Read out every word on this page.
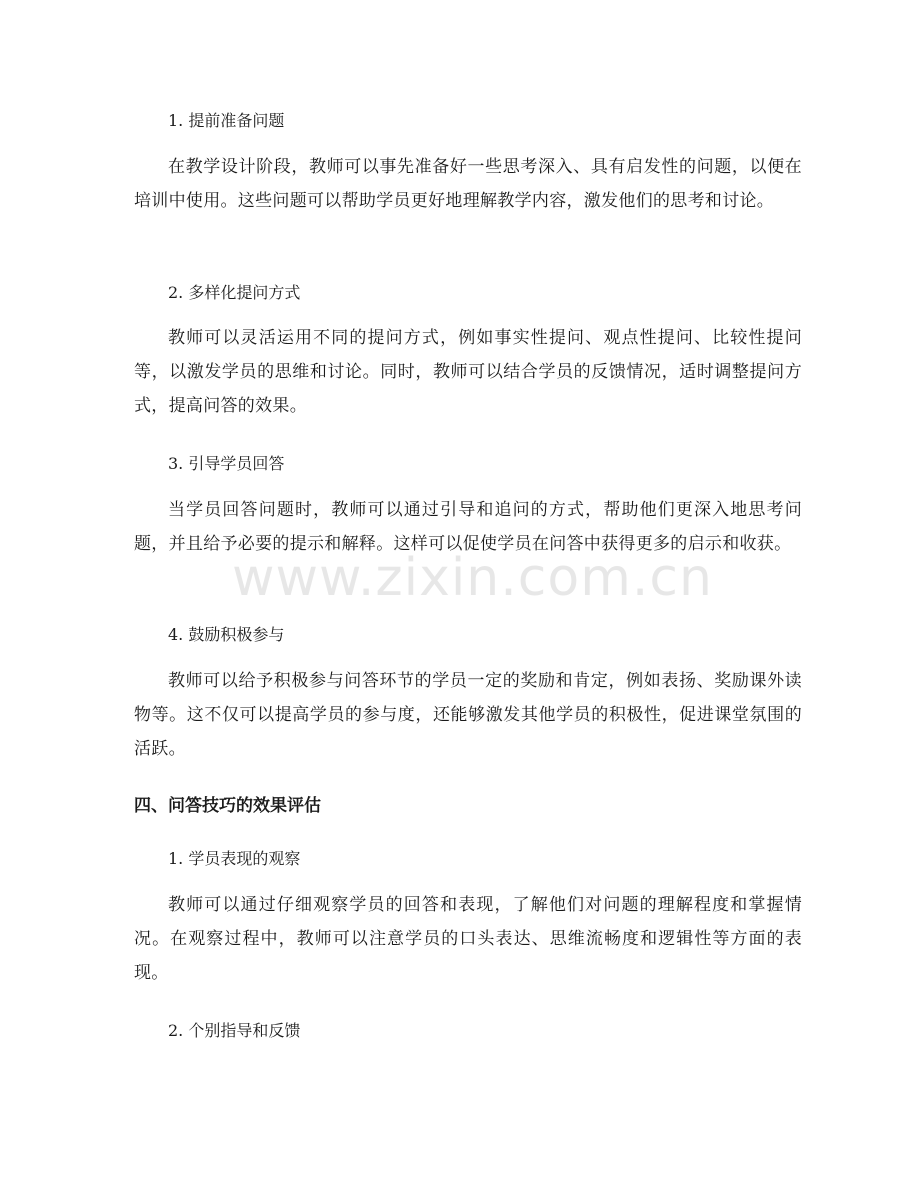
1. 提前准备问题

在教学设计阶段，教师可以事先准备好一些思考深入、具有启发性的问题，以便在培训中使用。这些问题可以帮助学员更好地理解教学内容，激发他们的思考和讨论。

2. 多样化提问方式

教师可以灵活运用不同的提问方式，例如事实性提问、观点性提问、比较性提问等，以激发学员的思维和讨论。同时，教师可以结合学员的反馈情况，适时调整提问方式，提高问答的效果。

3. 引导学员回答

当学员回答问题时，教师可以通过引导和追问的方式，帮助他们更深入地思考问题，并且给予必要的提示和解释。这样可以促使学员在问答中获得更多的启示和收获。

4. 鼓励积极参与

教师可以给予积极参与问答环节的学员一定的奖励和肯定，例如表扬、奖励课外读物等。这不仅可以提高学员的参与度，还能够激发其他学员的积极性，促进课堂氛围的活跃。

四、问答技巧的效果评估

1. 学员表现的观察

教师可以通过仔细观察学员的回答和表现，了解他们对问题的理解程度和掌握情况。在观察过程中，教师可以注意学员的口头表达、思维流畅度和逻辑性等方面的表现。

2. 个别指导和反馈

www.zixin.com.cn
